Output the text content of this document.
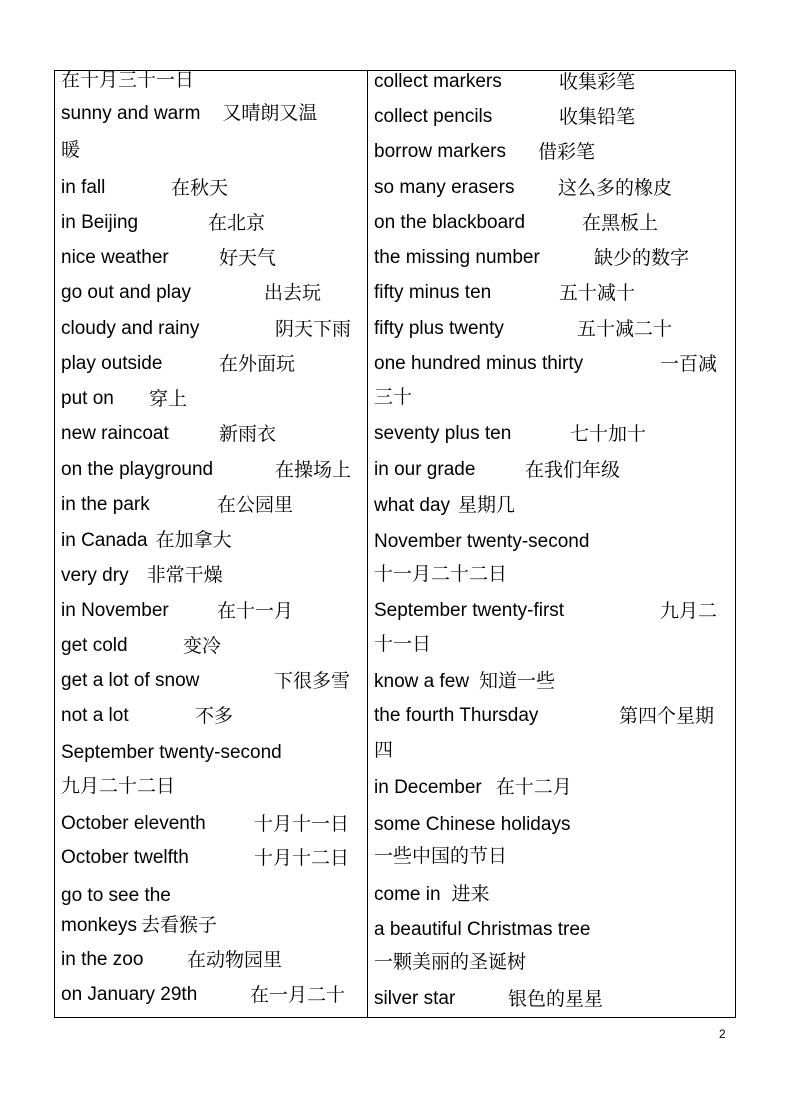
在十月三十一日
sunny and warm 又晴朗又温
暖
in fall	在秋天
in Beijing	在北京
nice weather	好天气
go out and play	出去玩
cloudy and rainy	阴天下雨
play outside	在外面玩
put on 穿上
new raincoat	新雨衣
on the playground	在操场上
in the park	在公园里
in Canada 在加拿大
very dry 非常干燥
in November	在十一月
get cold	变冷
get a lot of snow	下很多雪
not a lot	不多
September twenty-second
九月二十二日
October eleventh	十月十一日
October twelfth	十月十二日
go to see the
monkeys 去看猴子
in the zoo 在动物园里
on January 29th	在一月二十
collect markers	收集彩笔
collect pencils	收集铅笔
borrow markers 借彩笔
so many erasers 这么多的橡皮
on the blackboard	在黑板上
the missing number	缺少的数字
fifty minus ten	五十减十
fifty plus twenty	五十减二十
one hundred minus thirty	一百减
三十
seventy plus ten	七十加十
in our grade	在我们年级
what day 星期几
November twenty-second
十一月二十二日
September twenty-first	九月二
十一日
know a few 知道一些
the fourth Thursday	第四个星期
四
in December 在十二月
some Chinese holidays
一些中国的节日
come in 进来
a beautiful Christmas tree
一颗美丽的圣诞树
silver star	银色的星星
2
